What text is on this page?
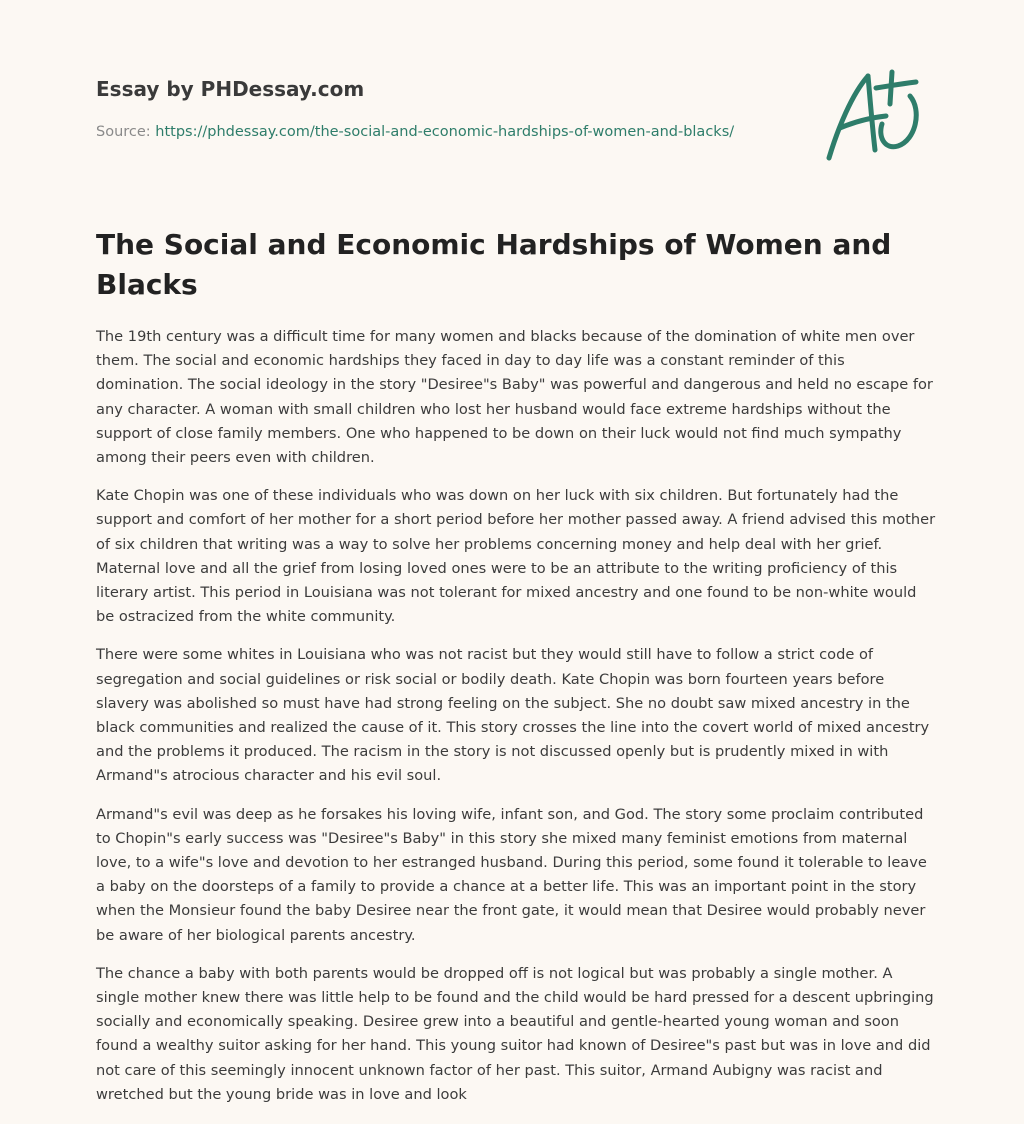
Essay by PHDessay.com
Source: https://phdessay.com/the-social-and-economic-hardships-of-women-and-blacks/
The Social and Economic Hardships of Women and Blacks

The 19th century was a difficult time for many women and blacks because of the domination of white men over them. The social and economic hardships they faced in day to day life was a constant reminder of this domination. The social ideology in the story "Desiree"s Baby" was powerful and dangerous and held no escape for any character. A woman with small children who lost her husband would face extreme hardships without the support of close family members. One who happened to be down on their luck would not find much sympathy among their peers even with children.

Kate Chopin was one of these individuals who was down on her luck with six children. But fortunately had the support and comfort of her mother for a short period before her mother passed away. A friend advised this mother of six children that writing was a way to solve her problems concerning money and help deal with her grief. Maternal love and all the grief from losing loved ones were to be an attribute to the writing proficiency of this literary artist. This period in Louisiana was not tolerant for mixed ancestry and one found to be non-white would be ostracized from the white community.

There were some whites in Louisiana who was not racist but they would still have to follow a strict code of segregation and social guidelines or risk social or bodily death. Kate Chopin was born fourteen years before slavery was abolished so must have had strong feeling on the subject. She no doubt saw mixed ancestry in the black communities and realized the cause of it. This story crosses the line into the covert world of mixed ancestry and the problems it produced. The racism in the story is not discussed openly but is prudently mixed in with Armand"s atrocious character and his evil soul.

Armand"s evil was deep as he forsakes his loving wife, infant son, and God. The story some proclaim contributed to Chopin"s early success was "Desiree"s Baby" in this story she mixed many feminist emotions from maternal love, to a wife"s love and devotion to her estranged husband. During this period, some found it tolerable to leave a baby on the doorsteps of a family to provide a chance at a better life. This was an important point in the story when the Monsieur found the baby Desiree near the front gate, it would mean that Desiree would probably never be aware of her biological parents ancestry.

The chance a baby with both parents would be dropped off is not logical but was probably a single mother. A single mother knew there was little help to be found and the child would be hard pressed for a descent upbringing socially and economically speaking. Desiree grew into a beautiful and gentle-hearted young woman and soon found a wealthy suitor asking for her hand. This young suitor had known of Desiree"s past but was in love and did not care of this seemingly innocent unknown factor of her past. This suitor, Armand Aubigny was racist and wretched but the young bride was in love and look
